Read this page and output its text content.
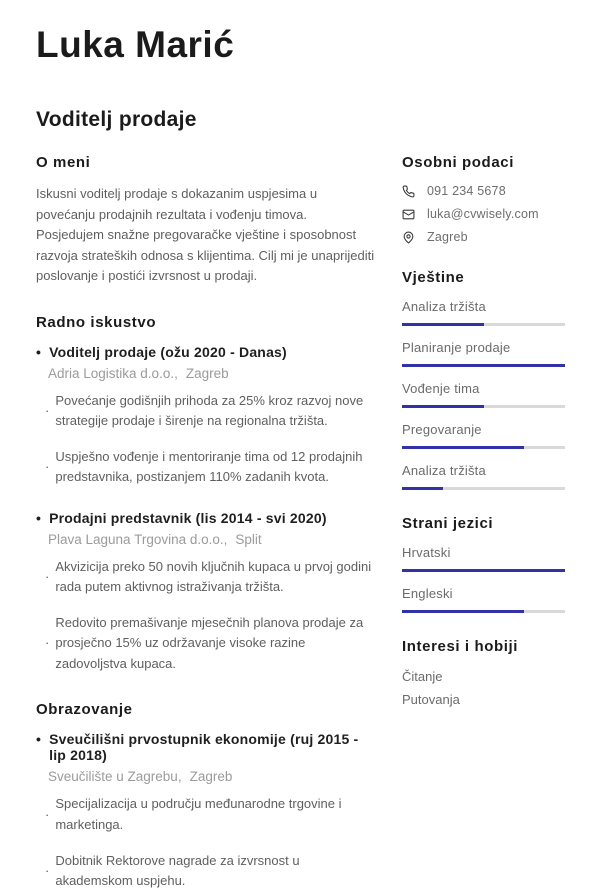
Luka Marić
Voditelj prodaje
O meni

Iskusni voditelj prodaje s dokazanim uspjesima u povećanju prodajnih rezultata i vođenju timova. Posjedujem snažne pregovaračke vještine i sposobnost razvoja strateških odnosa s klijentima. Cilj mi je unaprijediti poslovanje i postići izvrsnost u prodaji.

Radno iskustvo
• Voditelj prodaje (ožu 2020 - Danas)
Adria Logistika d.o.o., Zagreb
·

Povećanje godišnjih prihoda za 25% kroz razvoj nove strategije prodaje i širenje na regionalna tržišta.

·

Uspješno vođenje i mentoriranje tima od 12 prodajnih predstavnika, postizanjem 110% zadanih kvota.

• Prodajni predstavnik (lis 2014 - svi 2020)
Plava Laguna Trgovina d.o.o., Split
·

Akvizicija preko 50 novih ključnih kupaca u prvoj godini rada putem aktivnog istraživanja tržišta.

·

Redovito premašivanje mjesečnih planova prodaje za prosječno 15% uz održavanje visoke razine zadovoljstva kupaca.

Obrazovanje
• Sveučilišni prvostupnik ekonomije (ruj 2015 - lip 2018)
Sveučilište u Zagrebu, Zagreb
·

Specijalizacija u području međunarodne trgovine i marketinga.

·

Dobitnik Rektorove nagrade za izvrsnost u akademskom uspjehu.

Osobni podaci
091 234 5678
luka@cvwisely.com
Zagreb
Vještine
Analiza tržišta
Planiranje prodaje
Vođenje tima
Pregovaranje
Analiza tržišta
Strani jezici
Hrvatski
Engleski
Interesi i hobiji
Čitanje
Putovanja
